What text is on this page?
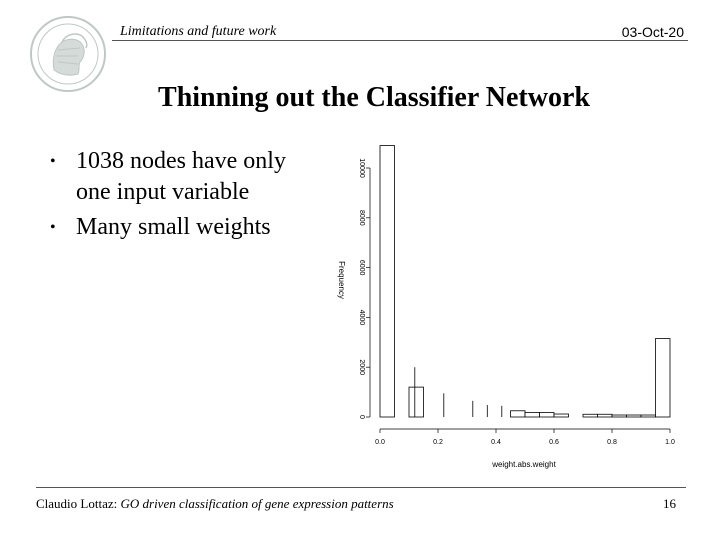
Limitations and future work	03-Oct-20
Thinning out the Classifier Network
• 1038 nodes have only
one input variable
• Many small weights
0
2000
4000
6000
8000
10000
0.0	0.2	0.4	0.6	0.8	1.0
weight.abs.weight
Frequency
Claudio Lottaz: GO driven classification of gene expression patterns	16
